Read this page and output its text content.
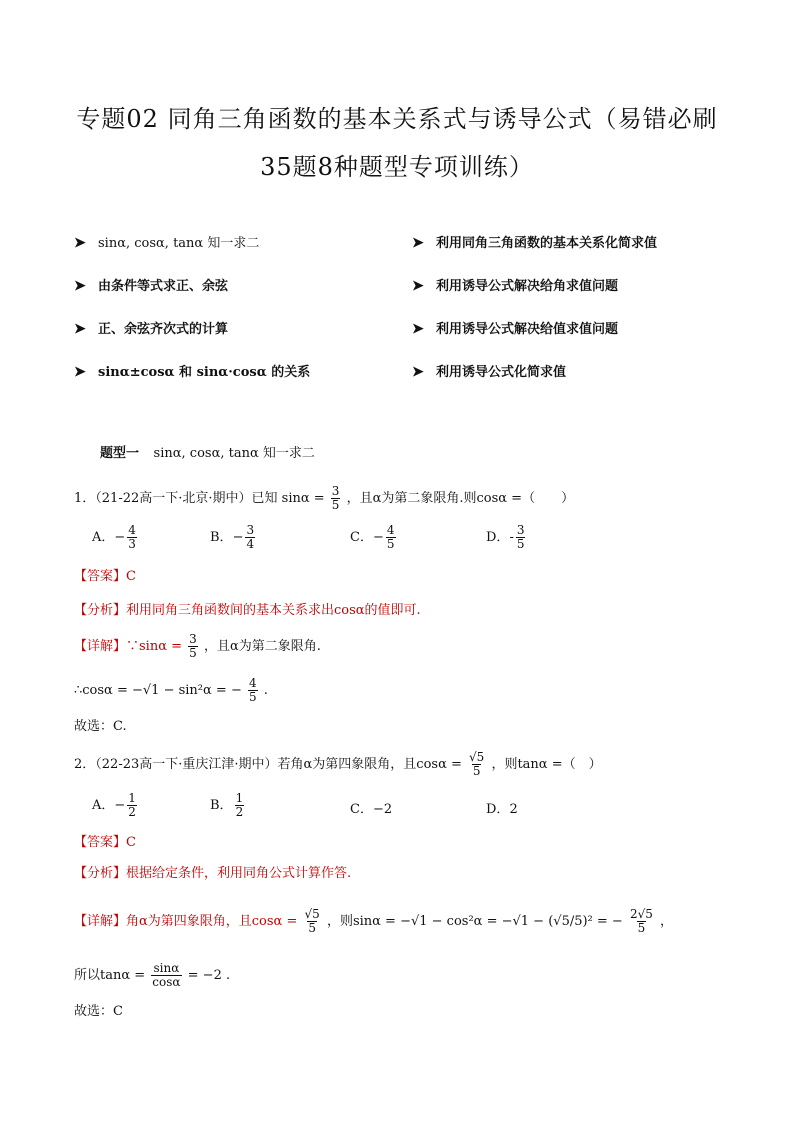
专题02 同角三角函数的基本关系式与诱导公式（易错必刷
35题8种题型专项训练）
➤ sinα, cosα, tanα 知一求二	➤ 利用同角三角函数的基本关系化简求值
➤ 由条件等式求正、余弦	➤ 利用诱导公式解决给角求值问题
➤ 正、余弦齐次式的计算	➤ 利用诱导公式解决给值求值问题
➤ sinα±cosα 和 sinα·cosα 的关系	➤ 利用诱导公式化简求值
题型一 sinα, cosα, tanα 知一求二
1．（21-22高一下·北京·期中）已知 $\sin\alpha = \frac{3}{5}$ ，且α为第二象限角.则cosα =（　　）
A．− $\frac{4}{3}$	B．− $\frac{3}{4}$	C．− $\frac{4}{5}$	D．- $\frac{3}{5}$
【答案】C
【分析】利用同角三角函数间的基本关系求出cosα的值即可.
【详解】∵sinα = $\frac{3}{5}$ ，且α为第二象限角.
∴cosα = −√1 − sin²α = − $\frac{4}{5}$ .
故选：C.
2．（22-23高一下·重庆江津·期中）若角α为第四象限角，且$\cos\alpha = \frac{√5}{5}$ ，则tanα =（　）
A．− $\frac{1}{2}$	B． $\frac{1}{2}$	C．−2	D．2
【答案】C
【分析】根据给定条件，利用同角公式计算作答.
【详解】角α为第四象限角，且$\cos\alpha = \frac{√5}{5}$ ，则sinα = −√1 − cos²α = −√1 − (√5/5)² = − $\frac{2√5}{5}$ ，
所以$\tan\alpha = \frac{\sin\alpha}{\cos\alpha} = -2$ .
故选：C
